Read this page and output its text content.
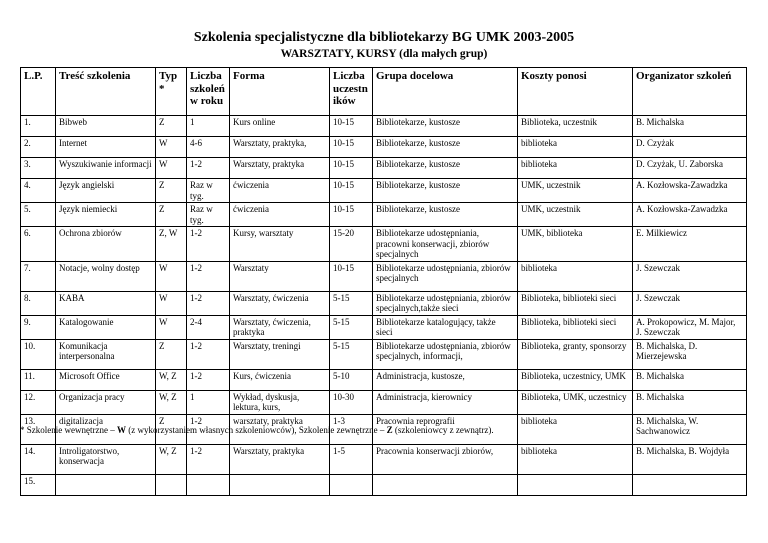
Szkolenia specjalistyczne dla bibliotekarzy BG UMK 2003-2005
WARSZTATY, KURSY (dla małych grup)
L.P.	Treść szkolenia	Typ *	Liczba szkoleń w roku	Forma	Liczba uczestn ików	Grupa docelowa	Koszty ponosi	Organizator szkoleń
1.	Bibweb	Z	1	Kurs online	10-15	Bibliotekarze, kustosze	Biblioteka, uczestnik	B. Michalska
2.	Internet	W	4-6	Warsztaty, praktyka,	10-15	Bibliotekarze, kustosze	biblioteka	D. Czyżak
3.	Wyszukiwanie informacji	W	1-2	Warsztaty, praktyka	10-15	Bibliotekarze, kustosze	biblioteka	D. Czyżak, U. Zaborska
4.	Język angielski	Z	Raz w tyg.	ćwiczenia	10-15	Bibliotekarze, kustosze	UMK, uczestnik	A. Kozłowska-Zawadzka
5.	Język niemiecki	Z	Raz w tyg.	ćwiczenia	10-15	Bibliotekarze, kustosze	UMK, uczestnik	A. Kozłowska-Zawadzka
6.	Ochrona zbiorów	Z, W	1-2	Kursy, warsztaty	15-20	Bibliotekarze udostępniania, pracowni konserwacji, zbiorów specjalnych	UMK, biblioteka	E. Milkiewicz
7.	Notacje, wolny dostęp	W	1-2	Warsztaty	10-15	Bibliotekarze udostępniania, zbiorów specjalnych	biblioteka	J. Szewczak
8.	KABA	W	1-2	Warsztaty, ćwiczenia	5-15	Bibliotekarze udostępniania, zbiorów specjalnych,także sieci	Biblioteka, biblioteki sieci	J. Szewczak
9.	Katalogowanie	W	2-4	Warsztaty, ćwiczenia, praktyka	5-15	Bibliotekarze katalogujący, także sieci	Biblioteka, biblioteki sieci	A. Prokopowicz, M. Major, J. Szewczak
10.	Komunikacja interpersonalna	Z	1-2	Warsztaty, treningi	5-15	Bibliotekarze udostępniania, zbiorów specjalnych, informacji,	Biblioteka, granty, sponsorzy	B. Michalska, D. Mierzejewska
11.	Microsoft Office	W, Z	1-2	Kurs, ćwiczenia	5-10	Administracja, kustosze,	Biblioteka, uczestnicy, UMK	B. Michalska
12.	Organizacja pracy	W, Z	1	Wykład, dyskusja, lektura, kurs,	10-30	Administracja, kierownicy	Biblioteka, UMK, uczestnicy	B. Michalska
13.	digitalizacja	Z	1-2	warsztaty, praktyka	1-3	Pracownia reprografii	biblioteka	B. Michalska, W. Sachwanowicz
14.	Introligatorstwo, konserwacja	W, Z	1-2	Warsztaty, praktyka	1-5	Pracownia konserwacji zbiorów,	biblioteka	B. Michalska, B. Wojdyła
15.								
* Szkolenie wewnętrzne – W (z wykorzystaniem własnych szkoleniowców), Szkolenie zewnętrzne – Z (szkoleniowcy z zewnątrz).
